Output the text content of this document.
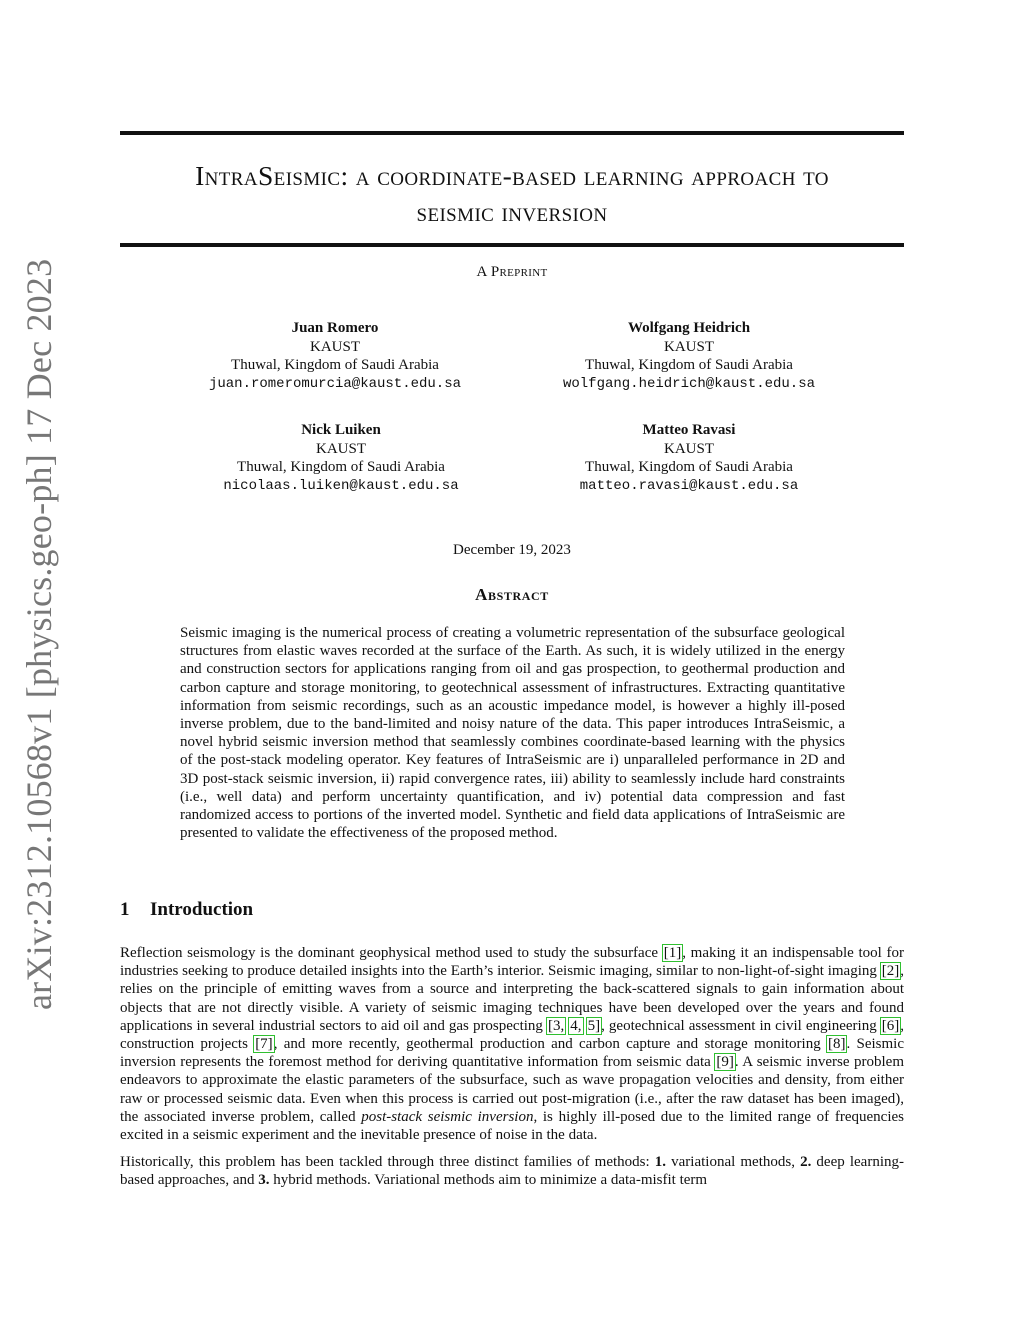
arXiv:2312.10568v1 [physics.geo-ph] 17 Dec 2023
IntraSeismic: a coordinate-based learning approach to
seismic inversion
A Preprint
Juan Romero
KAUST
Thuwal, Kingdom of Saudi Arabia
juan.romeromurcia@kaust.edu.sa
Wolfgang Heidrich
KAUST
Thuwal, Kingdom of Saudi Arabia
wolfgang.heidrich@kaust.edu.sa
Nick Luiken
KAUST
Thuwal, Kingdom of Saudi Arabia
nicolaas.luiken@kaust.edu.sa
Matteo Ravasi
KAUST
Thuwal, Kingdom of Saudi Arabia
matteo.ravasi@kaust.edu.sa
December 19, 2023
Abstract
Seismic imaging is the numerical process of creating a volumetric representation of the subsurface geological structures from elastic waves recorded at the surface of the Earth. As such, it is widely utilized in the energy and construction sectors for applications ranging from oil and gas prospection, to geothermal production and carbon capture and storage monitoring, to geotechnical assessment of infrastructures. Extracting quantitative information from seismic recordings, such as an acoustic impedance model, is however a highly ill-posed inverse problem, due to the band-limited and noisy nature of the data. This paper introduces IntraSeismic, a novel hybrid seismic inversion method that seamlessly combines coordinate-based learning with the physics of the post-stack modeling operator. Key features of IntraSeismic are i) unparalleled performance in 2D and 3D post-stack seismic inversion, ii) rapid convergence rates, iii) ability to seamlessly include hard constraints (i.e., well data) and perform uncertainty quantification, and iv) potential data compression and fast randomized access to portions of the inverted model. Synthetic and field data applications of IntraSeismic are presented to validate the effectiveness of the proposed method.
1 Introduction

Reflection seismology is the dominant geophysical method used to study the subsurface [1], making it an indispensable tool for industries seeking to produce detailed insights into the Earth’s interior. Seismic imaging, similar to non-light-of-sight imaging [2], relies on the principle of emitting waves from a source and interpreting the back-scattered signals to gain information about objects that are not directly visible. A variety of seismic imaging techniques have been developed over the years and found applications in several industrial sectors to aid oil and gas prospecting [3, 4, 5], geotechnical assessment in civil engineering [6], construction projects [7], and more recently, geothermal production and carbon capture and storage monitoring [8]. Seismic inversion represents the foremost method for deriving quantitative information from seismic data [9]. A seismic inverse problem endeavors to approximate the elastic parameters of the subsurface, such as wave propagation velocities and density, from either raw or processed seismic data. Even when this process is carried out post-migration (i.e., after the raw dataset has been imaged), the associated inverse problem, called post-stack seismic inversion, is highly ill-posed due to the limited range of frequencies excited in a seismic experiment and the inevitable presence of noise in the data.

Historically, this problem has been tackled through three distinct families of methods: 1. variational methods, 2. deep learning-based approaches, and 3. hybrid methods. Variational methods aim to minimize a data-misfit term
